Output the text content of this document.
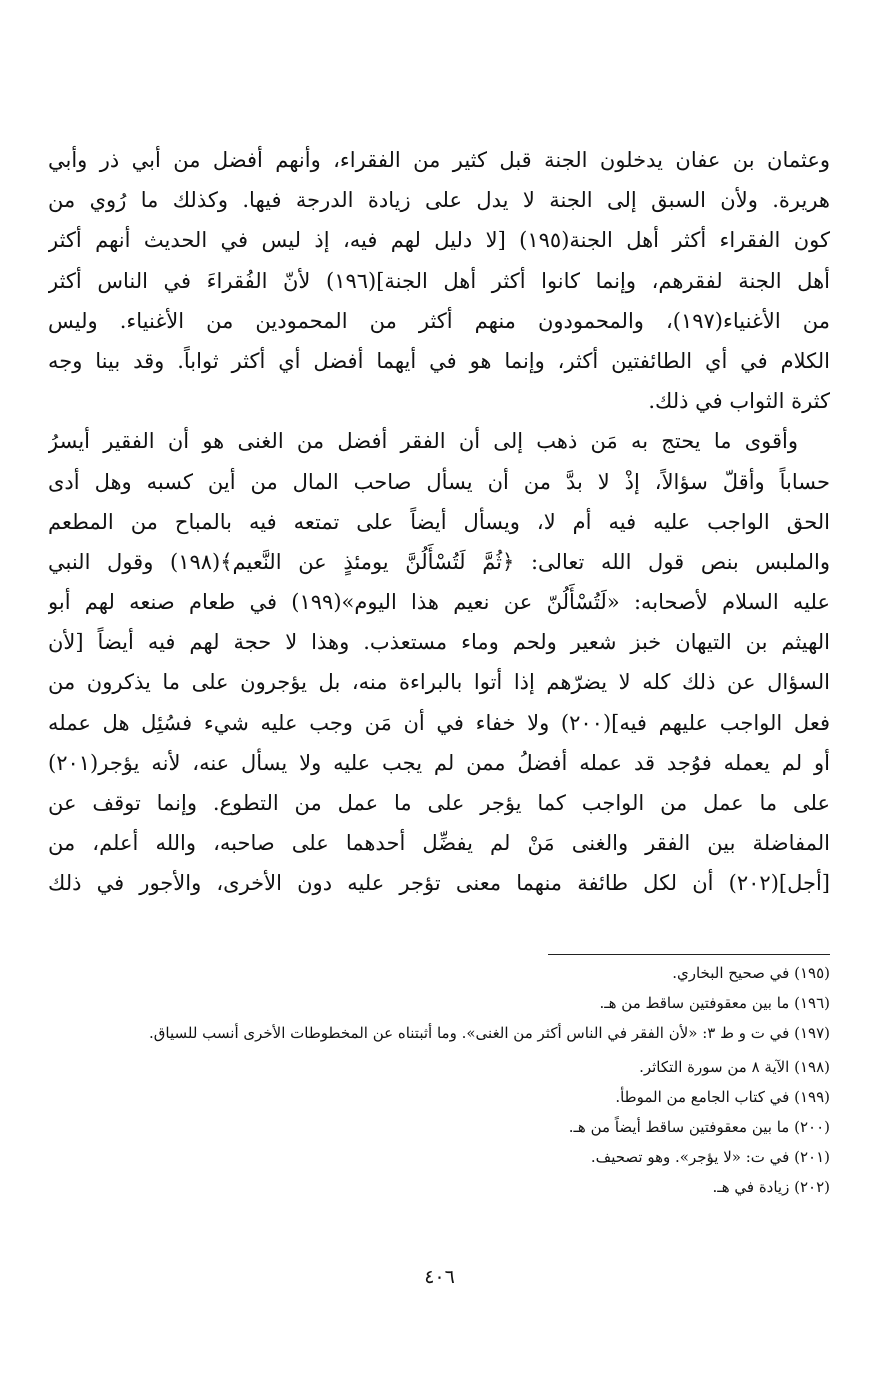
وعثمان بن عفان يدخلون الجنة قبل كثير من الفقراء، وأنهم أفضل من أبي ذر وأبي
هريرة. ولأن السبق إلى الجنة لا يدل على زيادة الدرجة فيها. وكذلك ما رُوي من
كون الفقراء أكثر أهل الجنة(١٩٥) [لا دليل لهم فيه، إذ ليس في الحديث أنهم أكثر
أهل الجنة لفقرهم، وإنما كانوا أكثر أهل الجنة](١٩٦) لأنّ الفُقراءَ في الناس أكثر
من الأغنياء(١٩٧)، والمحمودون منهم أكثر من المحمودين من الأغنياء. وليس
الكلام في أي الطائفتين أكثر، وإنما هو في أيهما أفضل أي أكثر ثواباً. وقد بينا وجه
كثرة الثواب في ذلك.
وأقوى ما يحتج به مَن ذهب إلى أن الفقر أفضل من الغنى هو أن الفقير أيسرُ
حساباً وأقلّ سؤالاً، إذْ لا بدَّ من أن يسأل صاحب المال من أين كسبه وهل أدى
الحق الواجب عليه فيه أم لا، ويسأل أيضاً على تمتعه فيه بالمباح من المطعم
والملبس بنص قول الله تعالى: ﴿ثُمَّ لَتُسْأَلُنَّ يومئذٍ عن النَّعيم﴾(١٩٨) وقول النبي
عليه السلام لأصحابه: «لَتُسْأَلُنّ عن نعيم هذا اليوم»(١٩٩) في طعام صنعه لهم أبو
الهيثم بن التيهان خبز شعير ولحم وماء مستعذب. وهذا لا حجة لهم فيه أيضاً [لأن
السؤال عن ذلك كله لا يضرّهم إذا أتوا بالبراءة منه، بل يؤجرون على ما يذكرون من
فعل الواجب عليهم فيه](٢٠٠) ولا خفاء في أن مَن وجب عليه شيء فسُئِل هل عمله
أو لم يعمله فوُجد قد عمله أفضلُ ممن لم يجب عليه ولا يسأل عنه، لأنه يؤجر(٢٠١)
على ما عمل من الواجب كما يؤجر على ما عمل من التطوع. وإنما توقف عن
المفاضلة بين الفقر والغنى مَنْ لم يفضِّل أحدهما على صاحبه، والله أعلم، من
[أجل](٢٠٢) أن لكل طائفة منهما معنى تؤجر عليه دون الأخرى، والأجور في ذلك
(١٩٥) في صحيح البخاري.
(١٩٦) ما بين معقوفتين ساقط من هـ.
(١٩٧) في ت و ط ٣: «لأن الفقر في الناس أكثر من الغنى». وما أثبتناه عن المخطوطات الأخرى أنسب للسياق.
(١٩٨) الآية ٨ من سورة التكاثر.
(١٩٩) في كتاب الجامع من الموطأ.
(٢٠٠) ما بين معقوفتين ساقط أيضاً من هـ.
(٢٠١) في ت: «لا يؤجر». وهو تصحيف.
(٢٠٢) زيادة في هـ.
٤٠٦
